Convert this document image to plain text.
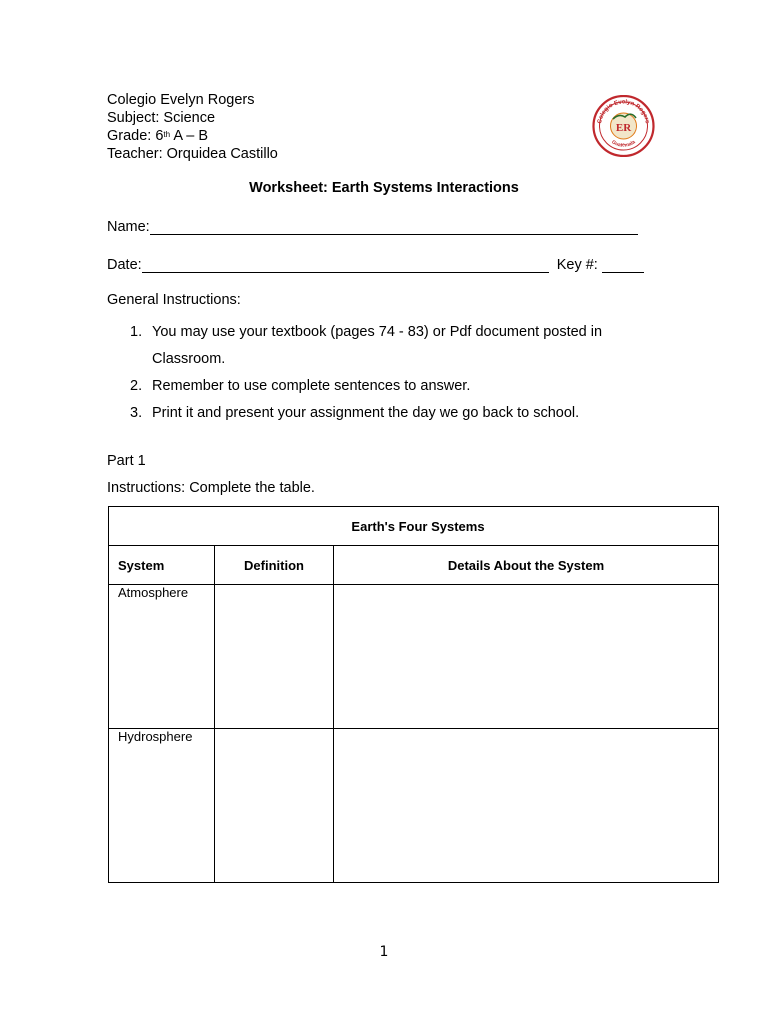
Colegio Evelyn Rogers
Subject: Science
Grade: 6th A – B
Teacher: Orquidea Castillo
Colegio Evelyn Rogers
Guatemala
ER
Worksheet: Earth Systems Interactions
Name:
Date:	Key #:
General Instructions:
1. You may use your textbook (pages 74 - 83) or Pdf document posted in Classroom.
2. Remember to use complete sentences to answer.
3. Print it and present your assignment the day we go back to school.
Part 1
Instructions: Complete the table.
Earth's Four Systems		
System	Definition	Details About the System
Atmosphere		
Hydrosphere		
1
